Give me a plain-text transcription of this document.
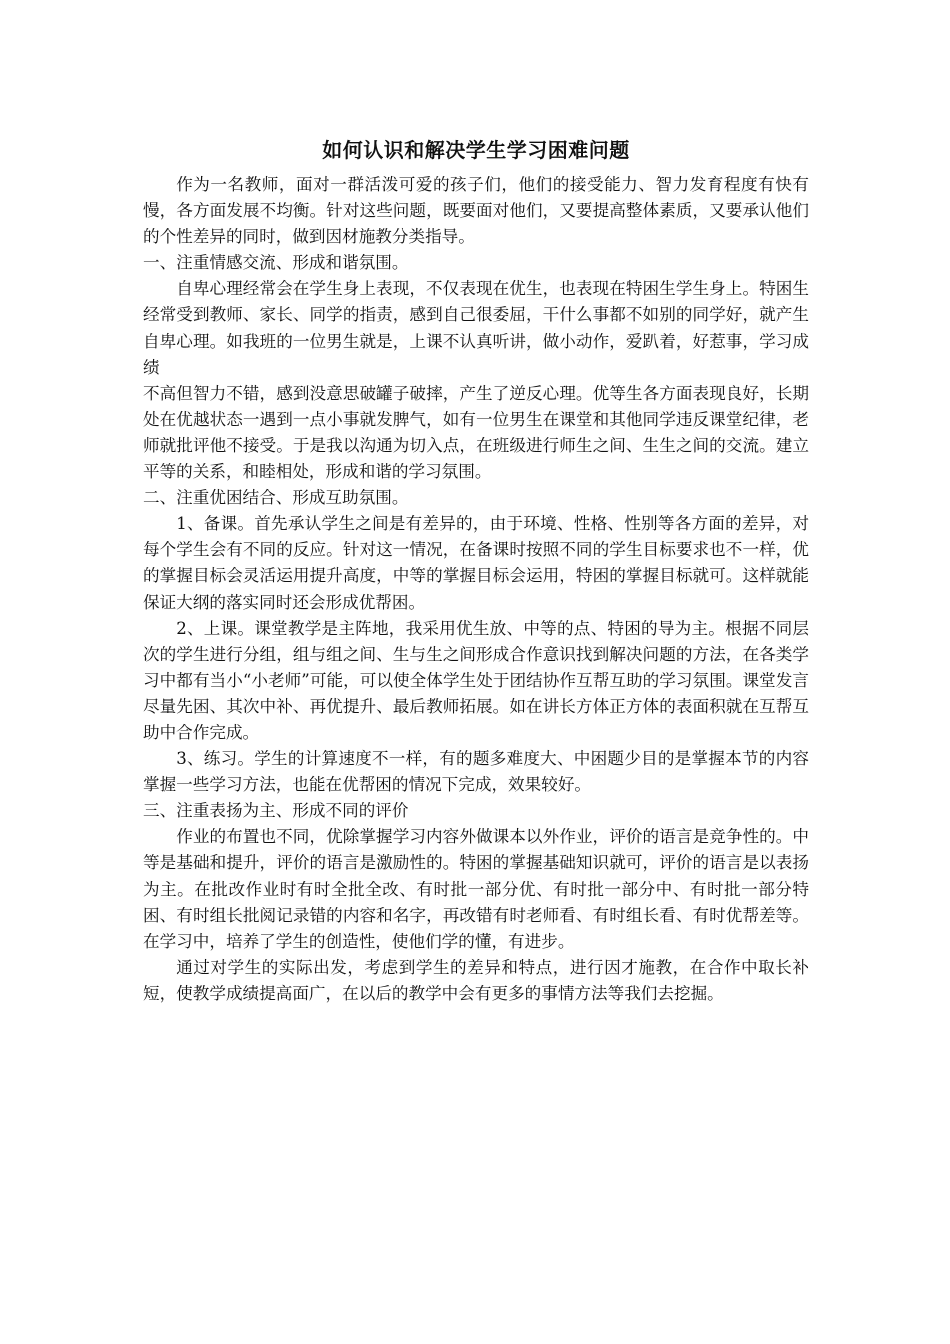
如何认识和解决学生学习困难问题

作为一名教师，面对一群活泼可爱的孩子们，他们的接受能力、智力发育程度有快有慢，各方面发展不均衡。针对这些问题，既要面对他们，又要提高整体素质，又要承认他们的个性差异的同时，做到因材施教分类指导。

一、注重情感交流、形成和谐氛围。

自卑心理经常会在学生身上表现，不仅表现在优生，也表现在特困生学生身上。特困生经常受到教师、家长、同学的指责，感到自己很委屈，干什么事都不如别的同学好，就产生自卑心理。如我班的一位男生就是，上课不认真听讲，做小动作，爱趴着，好惹事，学习成绩

不高但智力不错，感到没意思破罐子破摔，产生了逆反心理。优等生各方面表现良好，长期处在优越状态一遇到一点小事就发脾气，如有一位男生在课堂和其他同学违反课堂纪律，老师就批评他不接受。于是我以沟通为切入点，在班级进行师生之间、生生之间的交流。建立平等的关系，和睦相处，形成和谐的学习氛围。

二、注重优困结合、形成互助氛围。

1、备课。首先承认学生之间是有差异的，由于环境、性格、性别等各方面的差异，对每个学生会有不同的反应。针对这一情况，在备课时按照不同的学生目标要求也不一样，优的掌握目标会灵活运用提升高度，中等的掌握目标会运用，特困的掌握目标就可。这样就能保证大纲的落实同时还会形成优帮困。

2、上课。课堂教学是主阵地，我采用优生放、中等的点、特困的导为主。根据不同层次的学生进行分组，组与组之间、生与生之间形成合作意识找到解决问题的方法，在各类学习中都有当小“小老师”可能，可以使全体学生处于团结协作互帮互助的学习氛围。课堂发言尽量先困、其次中补、再优提升、最后教师拓展。如在讲长方体正方体的表面积就在互帮互助中合作完成。

3、练习。学生的计算速度不一样，有的题多难度大、中困题少目的是掌握本节的内容掌握一些学习方法，也能在优帮困的情况下完成，效果较好。

三、注重表扬为主、形成不同的评价

作业的布置也不同，优除掌握学习内容外做课本以外作业，评价的语言是竞争性的。中等是基础和提升，评价的语言是激励性的。特困的掌握基础知识就可，评价的语言是以表扬为主。在批改作业时有时全批全改、有时批一部分优、有时批一部分中、有时批一部分特困、有时组长批阅记录错的内容和名字，再改错有时老师看、有时组长看、有时优帮差等。在学习中，培养了学生的创造性，使他们学的懂，有进步。

通过对学生的实际出发，考虑到学生的差异和特点，进行因才施教，在合作中取长补短，使教学成绩提高面广，在以后的教学中会有更多的事情方法等我们去挖掘。
